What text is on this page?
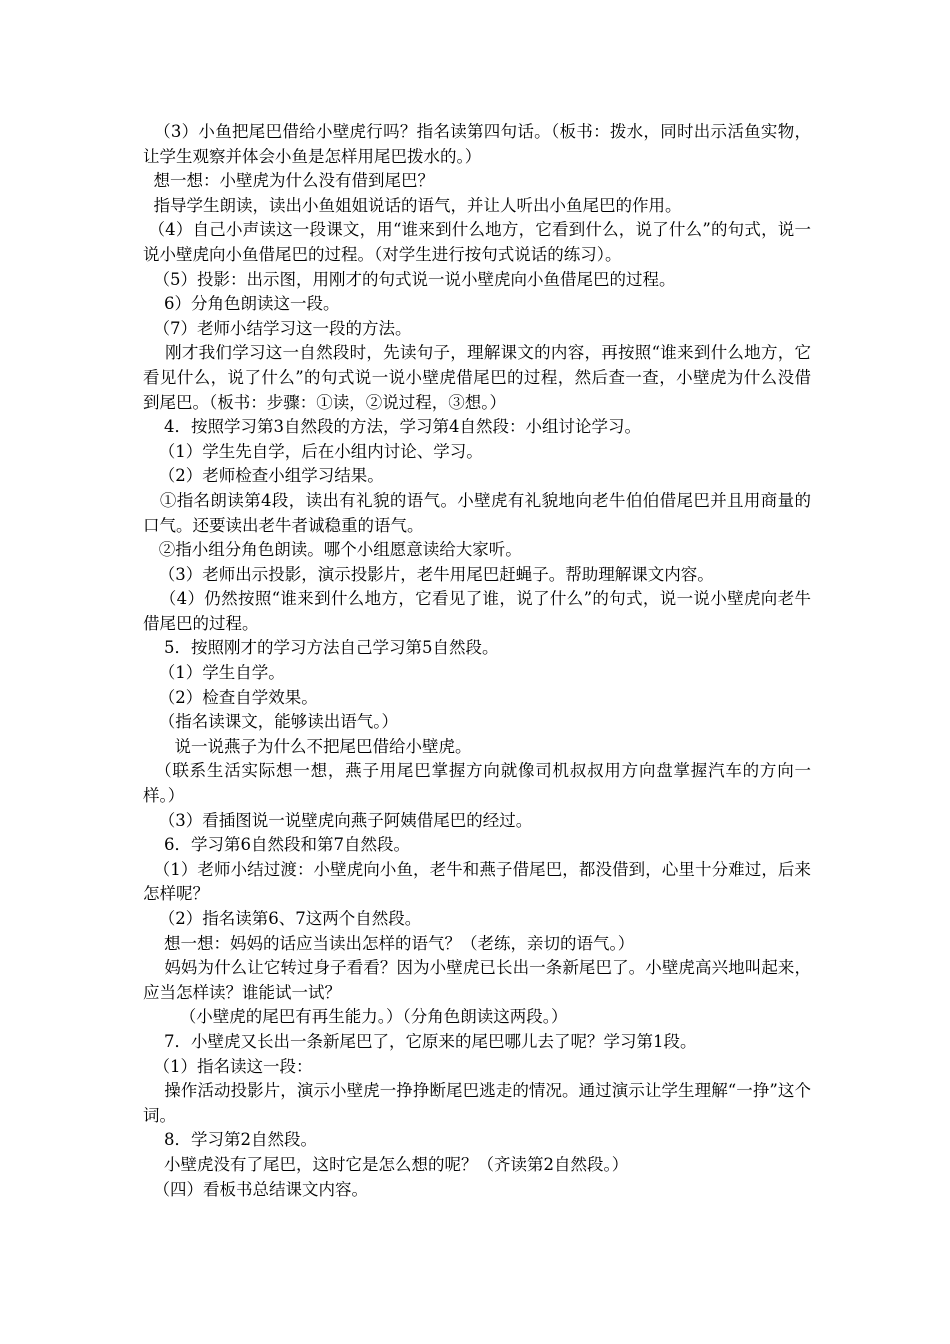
（3）小鱼把尾巴借给小壁虎行吗？指名读第四句话。（板书：拨水，同时出示活鱼实物，让学生观察并体会小鱼是怎样用尾巴拨水的。）

想一想：小壁虎为什么没有借到尾巴？

指导学生朗读，读出小鱼姐姐说话的语气，并让人听出小鱼尾巴的作用。

（4）自己小声读这一段课文，用“谁来到什么地方，它看到什么，说了什么”的句式，说一说小壁虎向小鱼借尾巴的过程。（对学生进行按句式说话的练习）。

（5）投影：出示图，用刚才的句式说一说小壁虎向小鱼借尾巴的过程。

6）分角色朗读这一段。

（7）老师小结学习这一段的方法。

刚才我们学习这一自然段时，先读句子，理解课文的内容，再按照“谁来到什么地方，它看见什么，说了什么”的句式说一说小壁虎借尾巴的过程，然后查一查，小壁虎为什么没借到尾巴。（板书：步骤：①读，②说过程，③想。）

4．按照学习第3自然段的方法，学习第4自然段：小组讨论学习。

（1）学生先自学，后在小组内讨论、学习。

（2）老师检查小组学习结果。

①指名朗读第4段，读出有礼貌的语气。小壁虎有礼貌地向老牛伯伯借尾巴并且用商量的口气。还要读出老牛者诚稳重的语气。

②指小组分角色朗读。哪个小组愿意读给大家听。

（3）老师出示投影，演示投影片，老牛用尾巴赶蝇子。帮助理解课文内容。

（4）仍然按照“谁来到什么地方，它看见了谁，说了什么”的句式，说一说小壁虎向老牛借尾巴的过程。

5．按照刚才的学习方法自己学习第5自然段。

（1）学生自学。

（2）检查自学效果。

（指名读课文，能够读出语气。）

说一说燕子为什么不把尾巴借给小壁虎。

（联系生活实际想一想，燕子用尾巴掌握方向就像司机叔叔用方向盘掌握汽车的方向一样。）

（3）看插图说一说壁虎向燕子阿姨借尾巴的经过。

6．学习第6自然段和第7自然段。

（1）老师小结过渡：小壁虎向小鱼，老牛和燕子借尾巴，都没借到，心里十分难过，后来怎样呢？

（2）指名读第6、7这两个自然段。

想一想：妈妈的话应当读出怎样的语气？（老练，亲切的语气。）

妈妈为什么让它转过身子看看？因为小壁虎已长出一条新尾巴了。小壁虎高兴地叫起来，应当怎样读？谁能试一试？

（小壁虎的尾巴有再生能力。）（分角色朗读这两段。）

7．小壁虎又长出一条新尾巴了，它原来的尾巴哪儿去了呢？学习第1段。

（1）指名读这一段：

操作活动投影片，演示小壁虎一挣挣断尾巴逃走的情况。通过演示让学生理解“一挣”这个词。

8．学习第2自然段。

小壁虎没有了尾巴，这时它是怎么想的呢？（齐读第2自然段。）

（四）看板书总结课文内容。
